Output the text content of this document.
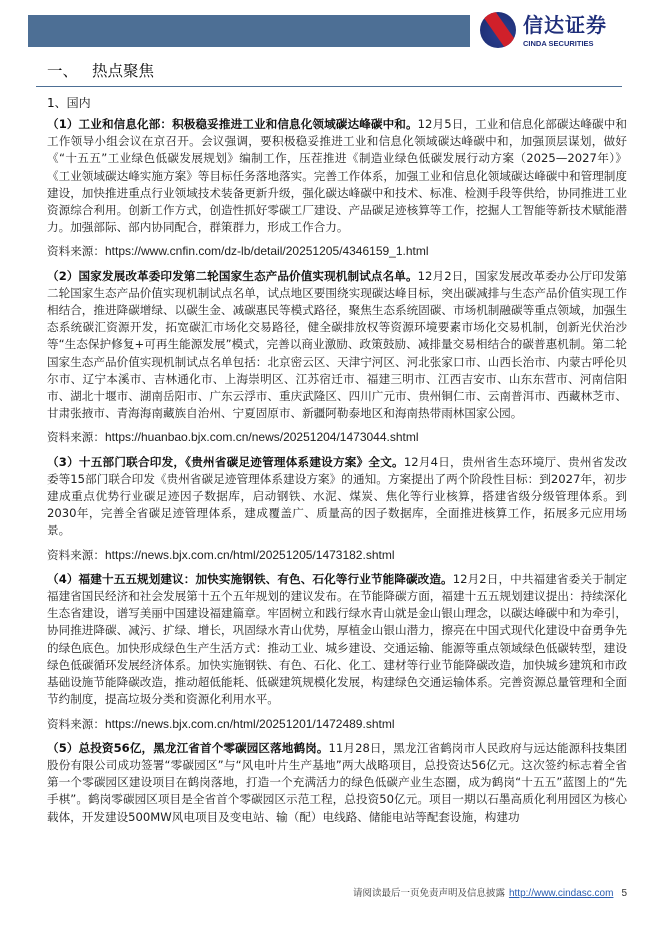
信达证券
CINDA SECURITIES
一、 热点聚焦
1、国内

（1）工业和信息化部：积极稳妥推进工业和信息化领域碳达峰碳中和。12月5日，工业和信息化部碳达峰碳中和工作领导小组会议在京召开。会议强调，要积极稳妥推进工业和信息化领域碳达峰碳中和，加强顶层谋划，做好《“十五五”工业绿色低碳发展规划》编制工作，压茬推进《制造业绿色低碳发展行动方案（2025—2027年）》《工业领域碳达峰实施方案》等目标任务落地落实。完善工作体系，加强工业和信息化领域碳达峰碳中和管理制度建设，加快推进重点行业领域技术装备更新升级，强化碳达峰碳中和技术、标准、检测手段等供给，协同推进工业资源综合利用。创新工作方式，创造性抓好零碳工厂建设、产品碳足迹核算等工作，挖掘人工智能等新技术赋能潜力。加强部际、部内协同配合，群策群力，形成工作合力。

资料来源：https://www.cnfin.com/dz-lb/detail/20251205/4346159_1.html

（2）国家发展改革委印发第二轮国家生态产品价值实现机制试点名单。12月2日，国家发展改革委办公厅印发第二轮国家生态产品价值实现机制试点名单，试点地区要围绕实现碳达峰目标，突出碳减排与生态产品价值实现工作相结合，推进降碳增绿、以碳生金、减碳惠民等模式路径，聚焦生态系统固碳、市场机制融碳等重点领域，加强生态系统碳汇资源开发，拓宽碳汇市场化交易路径，健全碳排放权等资源环境要素市场化交易机制，创新光伏治沙等“生态保护修复+可再生能源发展”模式，完善以商业激励、政策鼓励、减排量交易相结合的碳普惠机制。第二轮国家生态产品价值实现机制试点名单包括：北京密云区、天津宁河区、河北张家口市、山西长治市、内蒙古呼伦贝尔市、辽宁本溪市、吉林通化市、上海崇明区、江苏宿迁市、福建三明市、江西吉安市、山东东营市、河南信阳市、湖北十堰市、湖南岳阳市、广东云浮市、重庆武隆区、四川广元市、贵州铜仁市、云南普洱市、西藏林芝市、甘肃张掖市、青海海南藏族自治州、宁夏固原市、新疆阿勒泰地区和海南热带雨林国家公园。

资料来源：https://huanbao.bjx.com.cn/news/20251204/1473044.shtml

（3）十五部门联合印发，《贵州省碳足迹管理体系建设方案》全文。12月4日，贵州省生态环境厅、贵州省发改委等15部门联合印发《贵州省碳足迹管理体系建设方案》的通知。方案提出了两个阶段性目标：到2027年，初步建成重点优势行业碳足迹因子数据库，启动钢铁、水泥、煤炭、焦化等行业核算，搭建省级分级管理体系。到2030年，完善全省碳足迹管理体系，建成覆盖广、质量高的因子数据库，全面推进核算工作，拓展多元应用场景。

资料来源：https://news.bjx.com.cn/html/20251205/1473182.shtml

（4）福建十五五规划建议：加快实施钢铁、有色、石化等行业节能降碳改造。12月2日，中共福建省委关于制定福建省国民经济和社会发展第十五个五年规划的建议发布。在节能降碳方面，福建十五五规划建议提出：持续深化生态省建设，谱写美丽中国建设福建篇章。牢固树立和践行绿水青山就是金山银山理念，以碳达峰碳中和为牵引，协同推进降碳、减污、扩绿、增长，巩固绿水青山优势，厚植金山银山潜力，擦亮在中国式现代化建设中奋勇争先的绿色底色。加快形成绿色生产生活方式：推动工业、城乡建设、交通运输、能源等重点领域绿色低碳转型，建设绿色低碳循环发展经济体系。加快实施钢铁、有色、石化、化工、建材等行业节能降碳改造，加快城乡建筑和市政基础设施节能降碳改造，推动超低能耗、低碳建筑规模化发展，构建绿色交通运输体系。完善资源总量管理和全面节约制度，提高垃圾分类和资源化利用水平。

资料来源：https://news.bjx.com.cn/html/20251201/1472489.shtml

（5）总投资56亿，黑龙江省首个零碳园区落地鹤岗。11月28日，黑龙江省鹤岗市人民政府与远达能源科技集团股份有限公司成功签署“零碳园区”与“风电叶片生产基地”两大战略项目，总投资达56亿元。这次签约标志着全省第一个零碳园区建设项目在鹤岗落地，打造一个充满活力的绿色低碳产业生态圈，成为鹤岗“十五五”蓝图上的“先手棋”。鹤岗零碳园区项目是全省首个零碳园区示范工程，总投资50亿元。项目一期以石墨高质化利用园区为核心载体，开发建设500MW风电项目及变电站、输（配）电线路、储能电站等配套设施，构建功

请阅读最后一页免责声明及信息披露 http://www.cindasc.com 5
